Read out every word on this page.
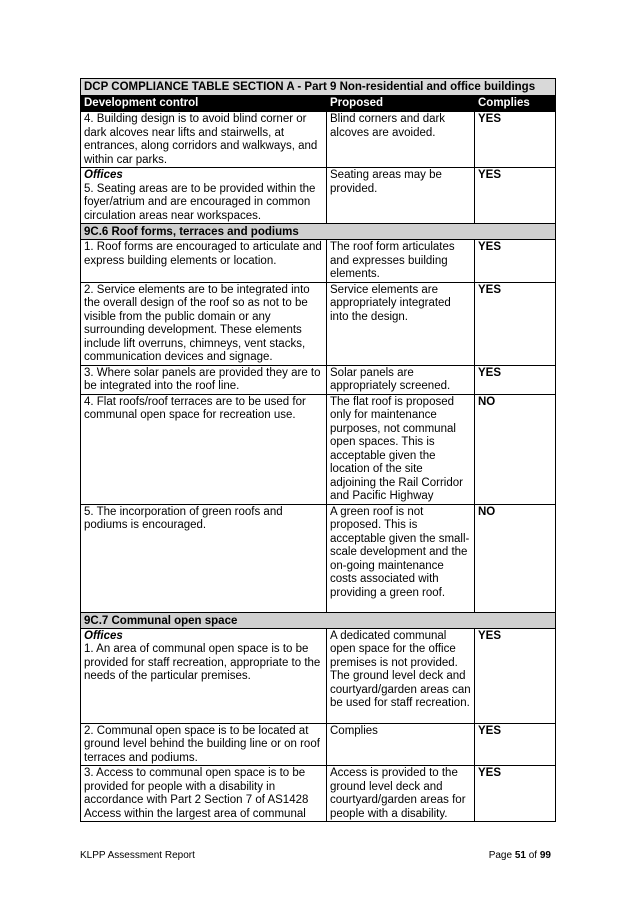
DCP COMPLIANCE TABLE SECTION A - Part 9 Non-residential and office buildings		
Development control	Proposed	Complies
4. Building design is to avoid blind corner or dark alcoves near lifts and stairwells, at entrances, along corridors and walkways, and within car parks.	Blind corners and dark alcoves are avoided.	YES

Offices
5. Seating areas are to be provided within the foyer/atrium and are encouraged in common circulation areas near workspaces.	Seating areas may be provided.	YES
9C.6 Roof forms, terraces and podiums		
1. Roof forms are encouraged to articulate and express building elements or location.	The roof form articulates and expresses building elements.	YES
2. Service elements are to be integrated into the overall design of the roof so as not to be visible from the public domain or any surrounding development. These elements include lift overruns, chimneys, vent stacks, communication devices and signage.	Service elements are appropriately integrated into the design.	YES
3. Where solar panels are provided they are to be integrated into the roof line.	Solar panels are appropriately screened.	YES
4. Flat roofs/roof terraces are to be used for communal open space for recreation use.	The flat roof is proposed only for maintenance purposes, not communal open spaces. This is acceptable given the location of the site adjoining the Rail Corridor and Pacific Highway	NO
5. The incorporation of green roofs and podiums is encouraged.	A green roof is not proposed. This is acceptable given the small-scale development and the on-going maintenance costs associated with providing a green roof.	NO
9C.7 Communal open space		

Offices
1. An area of communal open space is to be provided for staff recreation, appropriate to the needs of the particular premises.	A dedicated communal open space for the office premises is not provided. The ground level deck and courtyard/garden areas can be used for staff recreation.	YES
2. Communal open space is to be located at ground level behind the building line or on roof terraces and podiums.	Complies	YES
3. Access to communal open space is to be provided for people with a disability in accordance with Part 2 Section 7 of AS1428 Access within the largest area of communal	Access is provided to the ground level deck and courtyard/garden areas for people with a disability.	YES
KLPP Assessment Report	Page 51 of 99
